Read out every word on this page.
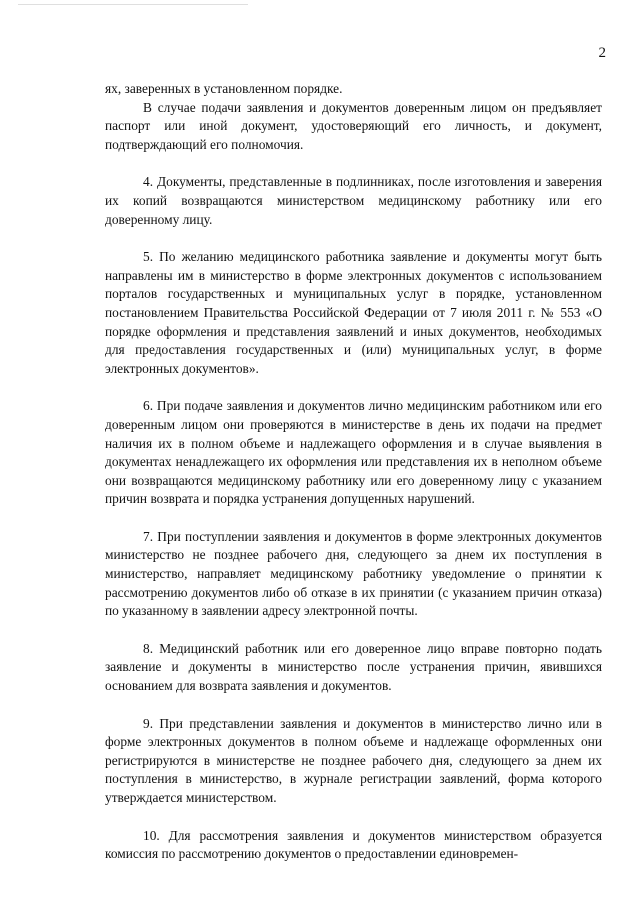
2

ях, заверенных в установленном порядке.

В случае подачи заявления и документов доверенным лицом он предъявляет паспорт или иной документ, удостоверяющий его личность, и документ, подтверждающий его полномочия.

4. Документы, представленные в подлинниках, после изготовления и заверения их копий возвращаются министерством медицинскому работнику или его доверенному лицу.

5. По желанию медицинского работника заявление и документы могут быть направлены им в министерство в форме электронных документов с использованием порталов государственных и муниципальных услуг в порядке, установленном постановлением Правительства Российской Федерации от 7 июля 2011 г. № 553 «О порядке оформления и представления заявлений и иных документов, необходимых для предоставления государственных и (или) муниципальных услуг, в форме электронных документов».

6. При подаче заявления и документов лично медицинским работником или его доверенным лицом они проверяются в министерстве в день их подачи на предмет наличия их в полном объеме и надлежащего оформления и в случае выявления в документах ненадлежащего их оформления или представления их в неполном объеме они возвращаются медицинскому работнику или его доверенному лицу с указанием причин возврата и порядка устранения допущенных нарушений.

7. При поступлении заявления и документов в форме электронных документов министерство не позднее рабочего дня, следующего за днем их поступления в министерство, направляет медицинскому работнику уведомление о принятии к рассмотрению документов либо об отказе в их принятии (с указанием причин отказа) по указанному в заявлении адресу электронной почты.

8. Медицинский работник или его доверенное лицо вправе повторно подать заявление и документы в министерство после устранения причин, явившихся основанием для возврата заявления и документов.

9. При представлении заявления и документов в министерство лично или в форме электронных документов в полном объеме и надлежаще оформленных они регистрируются в министерстве не позднее рабочего дня, следующего за днем их поступления в министерство, в журнале регистрации заявлений, форма которого утверждается министерством.

10. Для рассмотрения заявления и документов министерством образуется комиссия по рассмотрению документов о предоставлении единовремен-
